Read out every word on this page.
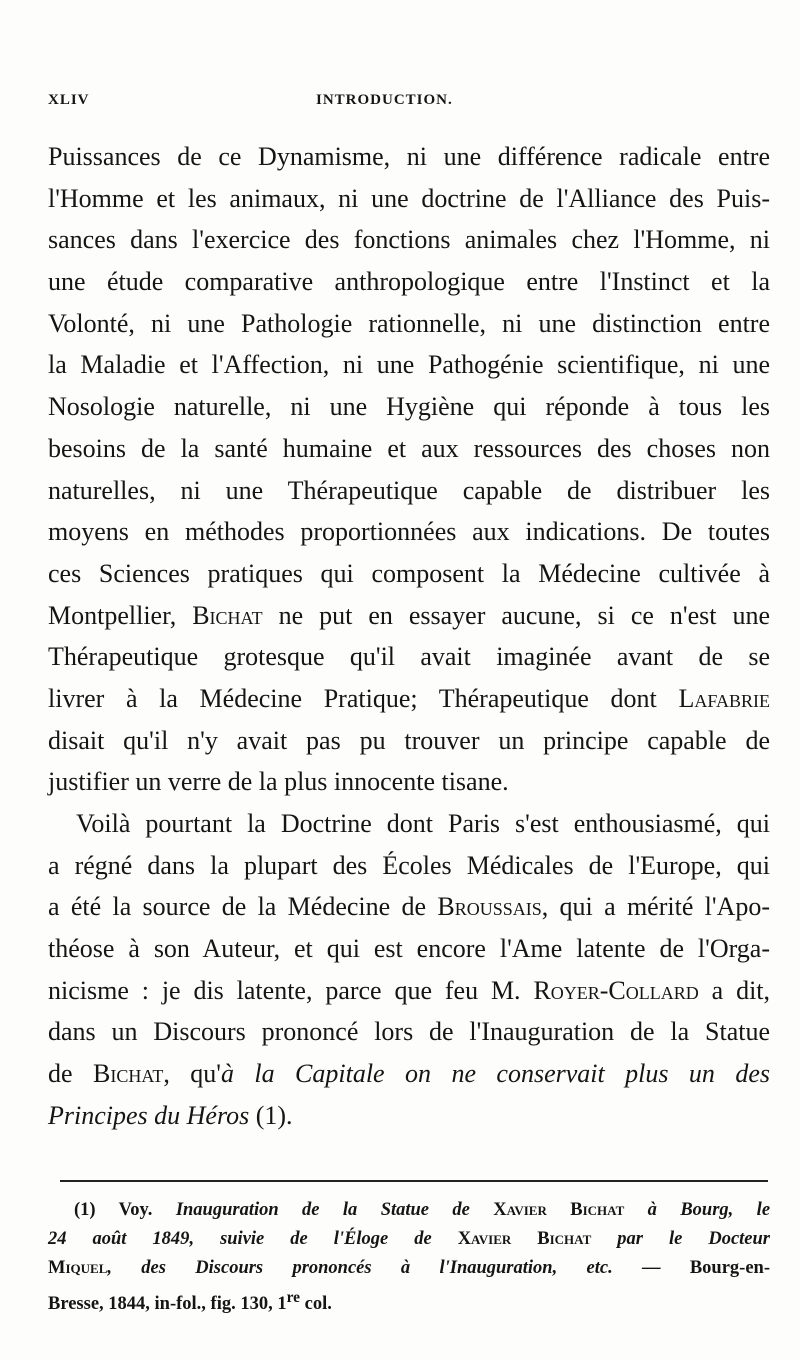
XLIV	INTRODUCTION.
Puissances de ce Dynamisme, ni une différence radicale entre
l'Homme et les animaux, ni une doctrine de l'Alliance des Puis-
sances dans l'exercice des fonctions animales chez l'Homme, ni
une étude comparative anthropologique entre l'Instinct et la
Volonté, ni une Pathologie rationnelle, ni une distinction entre
la Maladie et l'Affection, ni une Pathogénie scientifique, ni une
Nosologie naturelle, ni une Hygiène qui réponde à tous les
besoins de la santé humaine et aux ressources des choses non
naturelles, ni une Thérapeutique capable de distribuer les
moyens en méthodes proportionnées aux indications. De toutes
ces Sciences pratiques qui composent la Médecine cultivée à
Montpellier, Bichat ne put en essayer aucune, si ce n'est une
Thérapeutique grotesque qu'il avait imaginée avant de se
livrer à la Médecine Pratique; Thérapeutique dont Lafabrie
disait qu'il n'y avait pas pu trouver un principe capable de
justifier un verre de la plus innocente tisane.
Voilà pourtant la Doctrine dont Paris s'est enthousiasmé, qui
a régné dans la plupart des Écoles Médicales de l'Europe, qui
a été la source de la Médecine de Broussais, qui a mérité l'Apo-
théose à son Auteur, et qui est encore l'Ame latente de l'Orga-
nicisme : je dis latente, parce que feu M. Royer-Collard a dit,
dans un Discours prononcé lors de l'Inauguration de la Statue
de Bichat, qu'à la Capitale on ne conservait plus un des
Principes du Héros (1).
(1) Voy. Inauguration de la Statue de Xavier Bichat à Bourg, le
24 août 1849, suivie de l'Éloge de Xavier Bichat par le Docteur
Miquel, des Discours prononcés à l'Inauguration, etc. — Bourg-en-
Bresse, 1844, in-fol., fig. 130, 1re col.
